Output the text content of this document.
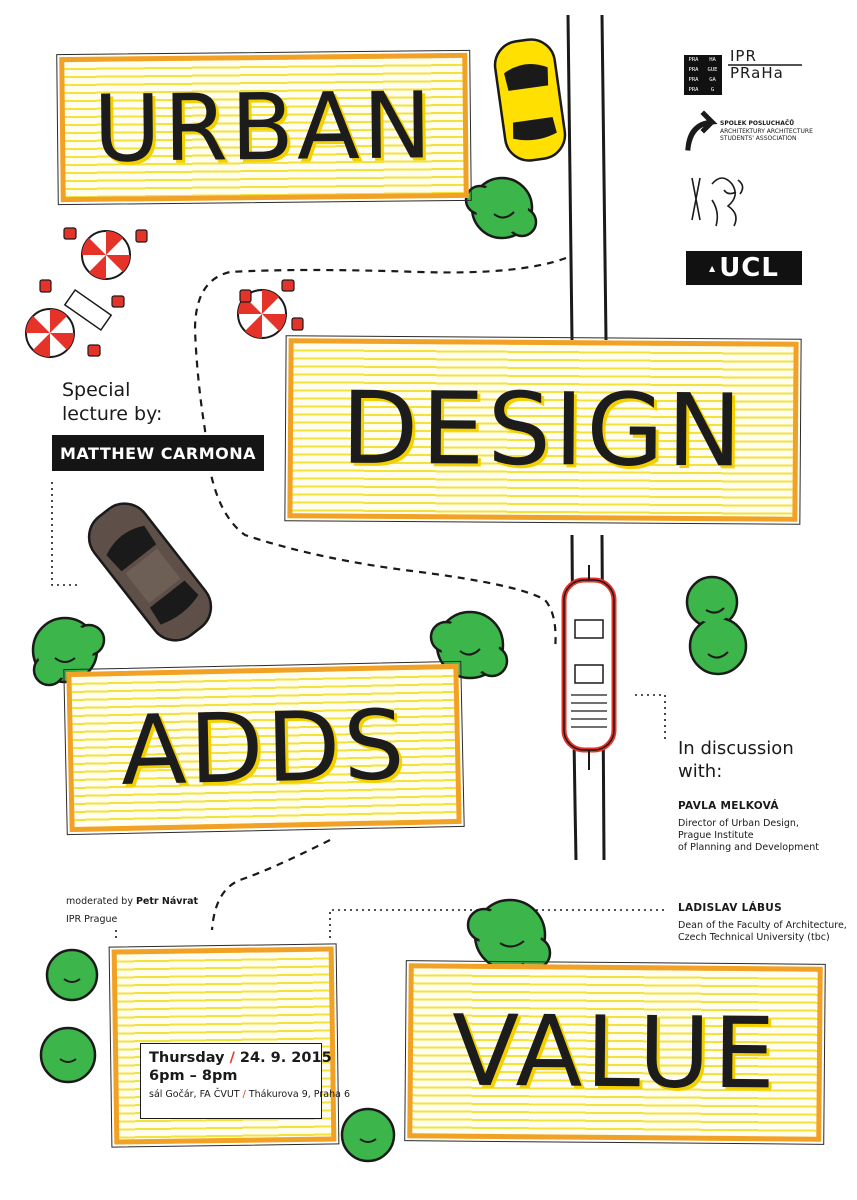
URBAN
DESIGN
ADDS
VALUE
Special
lecture by:
MATTHEW CARMONA
In discussion
with:
PAVLA MELKOVÁ
Director of Urban Design,
Prague Institute
of Planning and Development
LADISLAV LÁBUS
Dean of the Faculty of Architecture,
Czech Technical University (tbc)
moderated by Petr Návrat
IPR Prague
Thursday / 24. 9. 2015
6pm – 8pm
sál Gočár, FA ČVUT / Thákurova 9, Praha 6
PRA	HA
PRA	GUE
PRA	GA
PRA	G
IPR
PRaHa
SPOLEK POSLUCHAČŮ
ARCHITEKTURY ARCHITECTURE
STUDENTS' ASSOCIATION
▲ UCL
